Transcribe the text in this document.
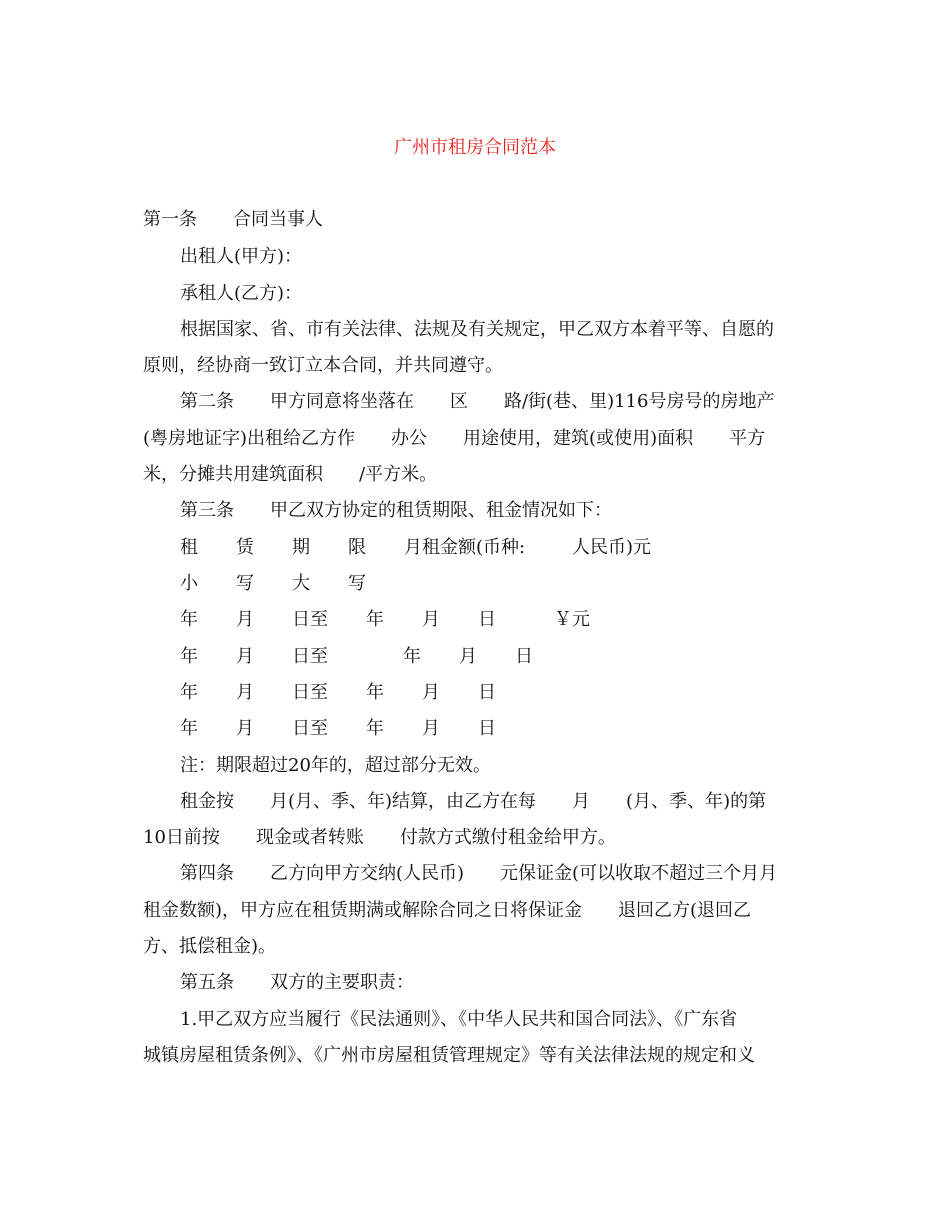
广州市租房合同范本
第一条　　合同当事人
出租人(甲方)：
承租人(乙方)：
根据国家、省、市有关法律、法规及有关规定，甲乙双方本着平等、自愿的
原则，经协商一致订立本合同，并共同遵守。
第二条　　甲方同意将坐落在　　区　　路/街(巷、里)116号房号的房地产
(粤房地证字)出租给乙方作　　办公　　用途使用，建筑(或使用)面积　　平方
米，分摊共用建筑面积　　/平方米。
第三条　　甲乙双方协定的租赁期限、租金情况如下：
租 赁 期 限 月租金额(币种:	人民币)元
小 写 大 写
年 月 日至 年 月 日	￥元
年 月 日至	年 月 日
年 月 日至 年 月 日
年 月 日至 年 月 日
注：期限超过20年的，超过部分无效。
租金按　　月(月、季、年)结算，由乙方在每　　月　　(月、季、年)的第
10日前按　　现金或者转账　　付款方式缴付租金给甲方。
第四条　　乙方向甲方交纳(人民币)　　元保证金(可以收取不超过三个月月
租金数额)，甲方应在租赁期满或解除合同之日将保证金　　退回乙方(退回乙
方、抵偿租金)。
第五条　　双方的主要职责：
1.甲乙双方应当履行《民法通则》、《中华人民共和国合同法》、《广东省
城镇房屋租赁条例》、《广州市房屋租赁管理规定》等有关法律法规的规定和义
